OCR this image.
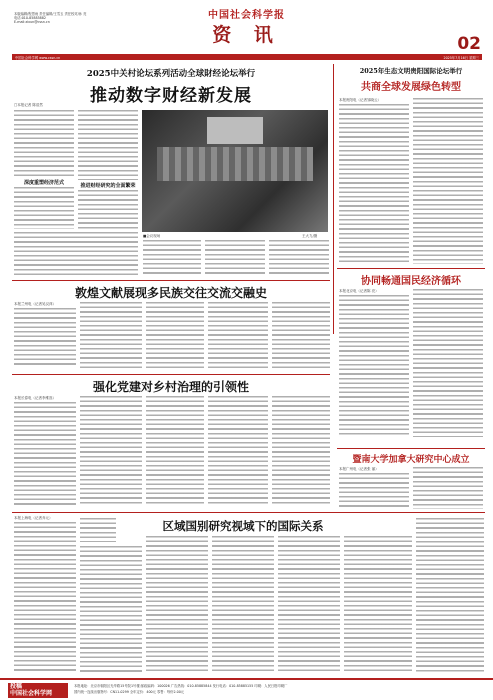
本版编辑/程思雨 责任编辑/王雪玉 责任校对/孙 亮
电话:010-85885882
E-mail:zixun@cssn.cn
中国社会科学报
资 讯	02
中国社会科学网 www.cssn.cn	2025年7月16日 星期三
2025中关村论坛系列活动全球財经论坛举行
推动数字财经新发展
□本报记者 陈浩然
深度重塑经济范式	推进财经研究的全面繁荣
■会议现场	王大力/摄
2025年生态文明贵阳国际论坛举行
共商全球发展绿色转型
本报贵阳电（记者邹晓云）
敦煌文献展现多民族交往交流交融史
本报兰州电（记者吴汉萍）
协同畅通国民经济循环
本报北京电（记者陈 亮）
强化党建对乡村治理的引领性
本报长春电（记者李维嵩）
暨南大学加拿大研究中心成立
本报广州电（记者张 丽）
本报上海电（记者乔元）
区域国别研究视域下的国际关系
投稿
中国社会科学网
本报地址：北京市朝阳区光华路15号院1号楼 邮政编码：100026 广告热线：010-85885844 发行电话：010-85885155 印刷：人民日报印刷厂
国内统一连续出版物号：CN11-0299 全年定价：400元 零售：每份2.00元
